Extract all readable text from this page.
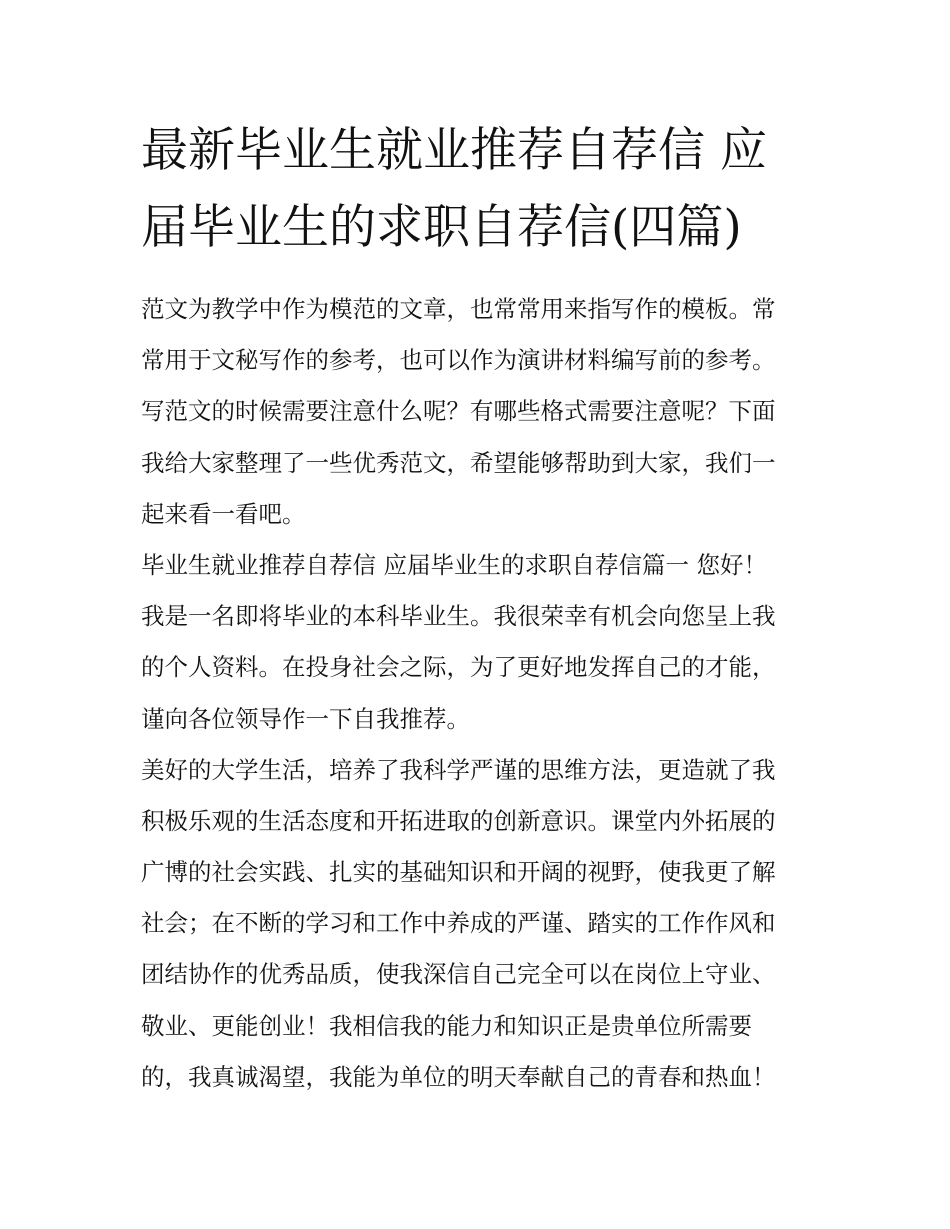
最新毕业生就业推荐自荐信 应
届毕业生的求职自荐信(四篇)

范文为教学中作为模范的文章，也常常用来指写作的模板。常
常用于文秘写作的参考，也可以作为演讲材料编写前的参考。
写范文的时候需要注意什么呢？有哪些格式需要注意呢？下面
我给大家整理了一些优秀范文，希望能够帮助到大家，我们一
起来看一看吧。

毕业生就业推荐自荐信 应届毕业生的求职自荐信篇一 您好！
我是一名即将毕业的本科毕业生。我很荣幸有机会向您呈上我
的个人资料。在投身社会之际，为了更好地发挥自己的才能，
谨向各位领导作一下自我推荐。

美好的大学生活，培养了我科学严谨的思维方法，更造就了我
积极乐观的生活态度和开拓进取的创新意识。课堂内外拓展的
广博的社会实践、扎实的基础知识和开阔的视野，使我更了解
社会；在不断的学习和工作中养成的严谨、踏实的工作作风和
团结协作的优秀品质，使我深信自己完全可以在岗位上守业、
敬业、更能创业！我相信我的能力和知识正是贵单位所需要
的，我真诚渴望，我能为单位的明天奉献自己的青春和热血！
